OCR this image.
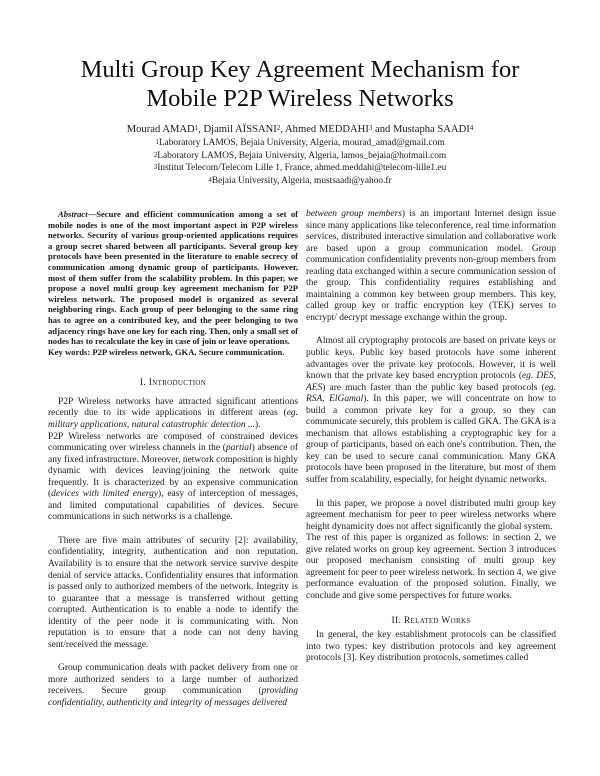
Multi Group Key Agreement Mechanism for
Mobile P2P Wireless Networks
Mourad AMAD$^1$, Djamil AÏSSANI$^2$, Ahmed MEDDAHI$^3$ and Mustapha SAADI$^4$
$^1$Laboratory LAMOS, Bejaia University, Algeria, mourad_amad@gmail.com
$^2$Laboratory LAMOS, Bejaia University, Algeria, lamos_bejaia@hotmail.com
$^3$Institut Telecom/Telecom Lille 1, France, ahmed.meddahi@telecom-lille1.eu
$^4$Bejaia University, Algeria, mustsaadi@yahoo.fr

Abstract—Secure and efficient communication among a set of mobile nodes is one of the most important aspect in P2P wireless networks. Security of various group-oriented applications requires a group secret shared between all participants. Several group key protocols have been presented in the literature to enable secrecy of communication among dynamic group of participants. However, most of them suffer from the scalability problem. In this paper, we propose a novel multi group key agreement mechanism for P2P wireless network. The proposed model is organized as several neighboring rings. Each group of peer belonging to the same ring has to agree on a contributed key, and the peer belonging to two adjacency rings have one key for each ring. Then, only a small set of nodes has to recalculate the key in case of join or leave operations.

Key words: P2P wireless network, GKA, Secure communication.

I. Introduction

P2P Wireless networks have attracted significant attentions recently due to its wide applications in different areas (eg. military applications, natural catastrophic detection ...).
P2P Wireless networks are composed of constrained devices communicating over wireless channels in the (partial) absence of any fixed infrastructure. Moreover, network composition is highly dynamic with devices leaving/joining the network quite frequently. It is characterized by an expensive communication (devices with limited energy), easy of interception of messages, and limited computational capabilities of devices. Secure communications in such networks is a challenge.

There are five main attributes of security [2]: availability, confidentiality, integrity, authentication and non reputation. Availability is to ensure that the network service survive despite denial of service attacks. Confidentiality ensures that information is passed only to authorized members of the network. Integrity is to guarantee that a message is transferred without getting corrupted. Authentication is to enable a node to identify the identity of the peer node it is communicating with. Non reputation is to ensure that a node can not deny having sent/received the message.

Group communication deals with packet delivery from one or more authorized senders to a large number of authorized receivers. Secure group communication (providing confidentiality, authenticity and integrity of messages delivered

between group members) is an important Internet design issue since many applications like teleconference, real time information services, distributed interactive simulation and collaborative work are based upon a group communication model. Group communication confidentiality prevents non-group members from reading data exchanged within a secure communication session of the group. This confidentiality requires establishing and maintaining a common key between group members. This key, called group key or traffic encryption key (TEK) serves to encrypt/ decrypt message exchange within the group.

Almost all cryptography protocols are based on private keys or public keys. Public key based protocols have some inherent advantages over the private key protocols. However, it is well known that the private key based encryption protocols (eg. DES, AES) are much faster than the public key based protocols (eg. RSA, ElGamal). In this paper, we will concentrate on how to build a common private key for a group, so they can communicate securely, this problem is called GKA. The GKA is a mechanism that allows establishing a cryptographic key for a group of participants, based on each one's contribution. Then, the key can be used to secure canal communication. Many GKA protocols have been proposed in the literature, but most of them suffer from scalability, especially, for height dynamic networks.

In this paper, we propose a novel distributed multi group key agreement mechanism for peer to peer wireless networks where height dynamicity does not affect significantly the global system.

The rest of this paper is organized as follows: in section 2, we give related works on group key agreement. Section 3 introduces our proposed mechanism consisting of multi group key agreement for peer to peer wireless network. In section 4, we give performance evaluation of the proposed solution. Finally, we conclude and give some perspectives for future works.

II. Related Works

In general, the key establishment protocols can be classified into two types: key distribution protocols and key agreement protocols [3]. Key distribution protocols, sometimes called
